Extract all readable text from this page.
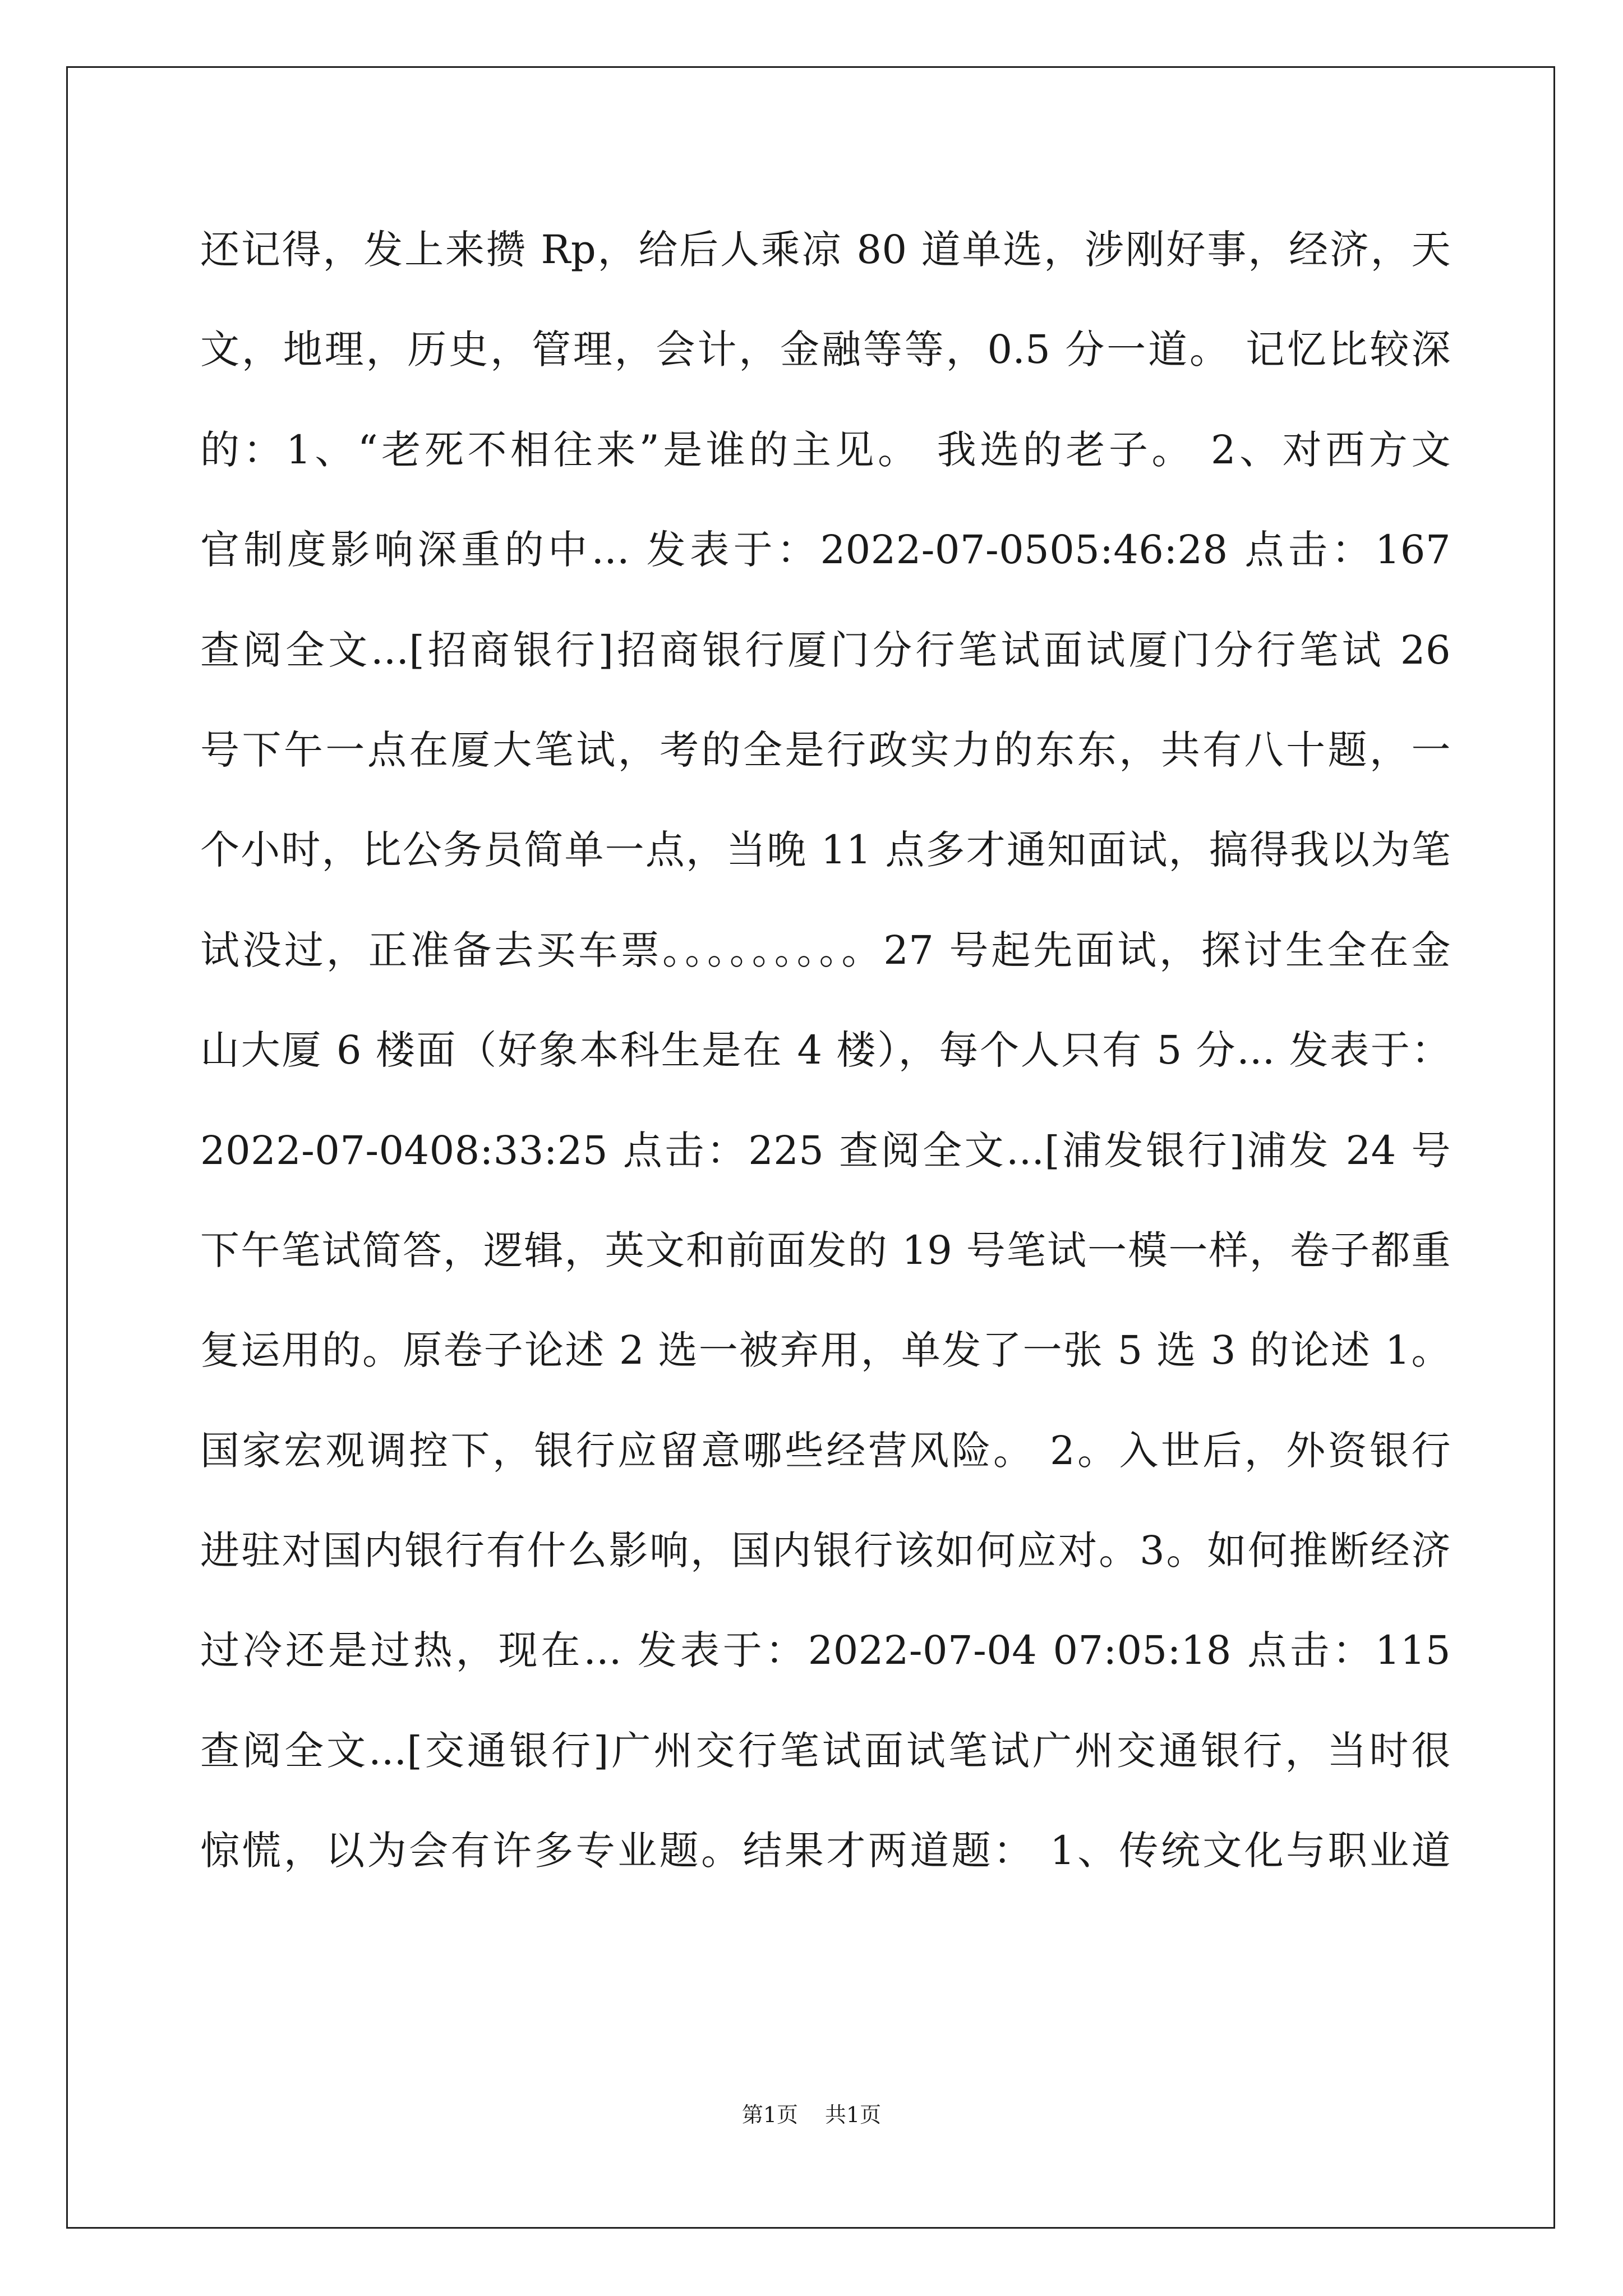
还记得，发上来攒 Rp，给后人乘凉 80 道单选，涉刚好事，经济，天
文，地理，历史，管理，会计，金融等等，0.5 分一道。 记忆比较深
的：1、“老死不相往来”是谁的主见。 我选的老子。 2、对西方文
官制度影响深重的中... 发表于：2022-07-0505:46:28 点击：167
查阅全文...[招商银行]招商银行厦门分行笔试面试厦门分行笔试 26
号下午一点在厦大笔试，考的全是行政实力的东东，共有八十题，一
个小时，比公务员简单一点，当晚 11 点多才通知面试，搞得我以为笔
试没过，正准备去买车票。。。。。。。。。27 号起先面试，探讨生全在金
山大厦 6 楼面（好象本科生是在 4 楼），每个人只有 5 分... 发表于：
2022-07-0408:33:25 点击：225 查阅全文...[浦发银行]浦发 24 号
下午笔试简答，逻辑，英文和前面发的 19 号笔试一模一样，卷子都重
复运用的。原卷子论述 2 选一被弃用，单发了一张 5 选 3 的论述 1。
国家宏观调控下，银行应留意哪些经营风险。 2。入世后，外资银行
进驻对国内银行有什么影响，国内银行该如何应对。3。如何推断经济
过冷还是过热，现在... 发表于：2022-07-04 07:05:18 点击：115
查阅全文...[交通银行]广州交行笔试面试笔试广州交通银行，当时很
惊慌，以为会有许多专业题。结果才两道题： 1、传统文化与职业道
第1页 共1页
